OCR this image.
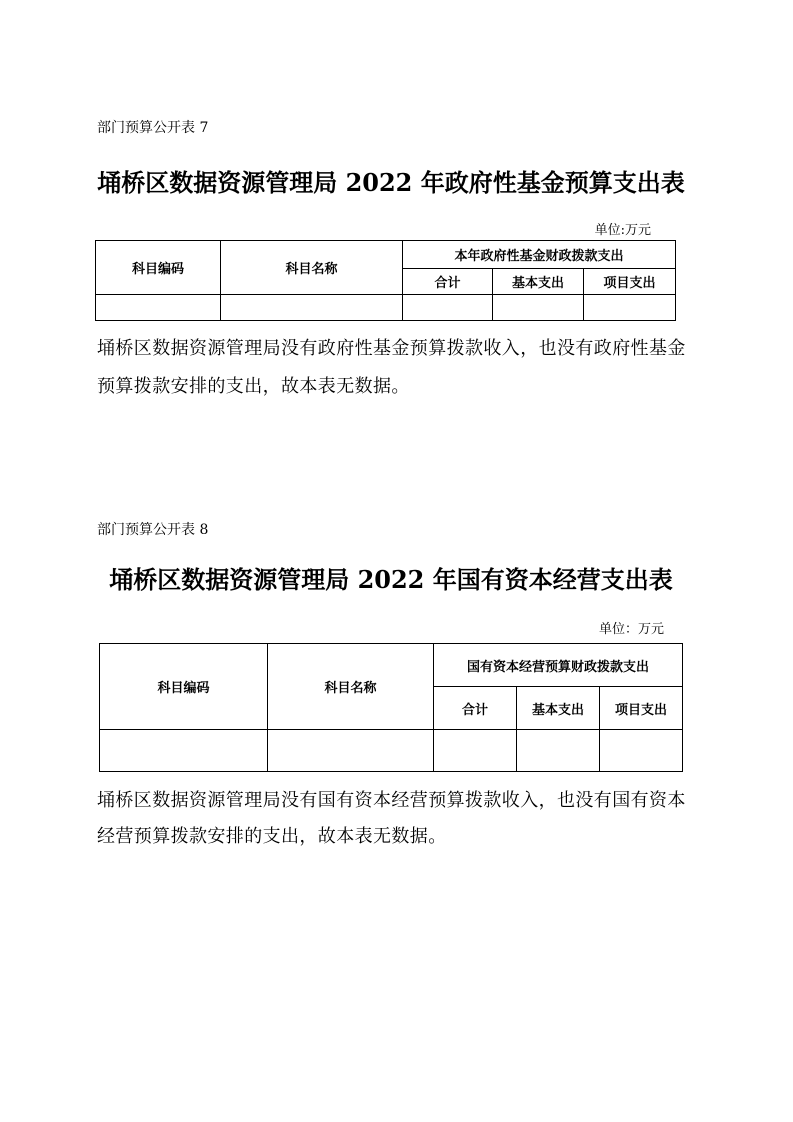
部门预算公开表 7
埇桥区数据资源管理局 2022 年政府性基金预算支出表
单位:万元
科目编码	科目名称	本年政府性基金财政拨款支出		
		合计	基本支出	项目支出

埇桥区数据资源管理局没有政府性基金预算拨款收入，也没有政府性基金
预算拨款安排的支出，故本表无数据。
部门预算公开表 8
埇桥区数据资源管理局 2022 年国有资本经营支出表
单位：万元
科目编码	科目名称	国有资本经营预算财政拨款支出		
		合计	基本支出	项目支出

埇桥区数据资源管理局没有国有资本经营预算拨款收入，也没有国有资本
经营预算拨款安排的支出，故本表无数据。
